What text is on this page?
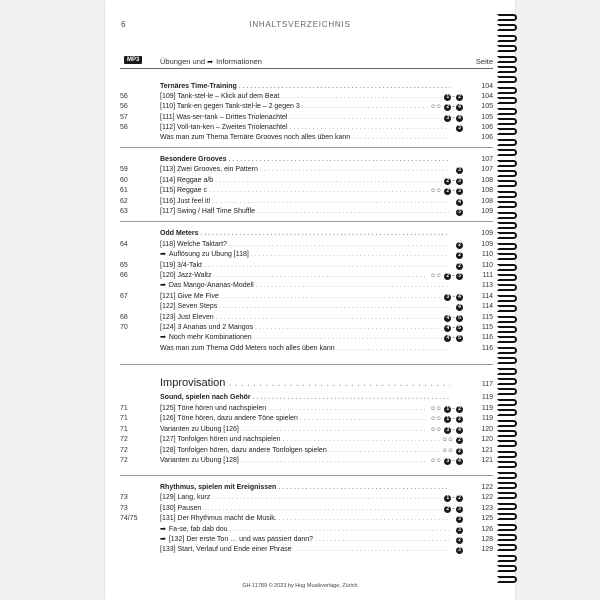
6	INHALTSVERZEICHNIS
MP3	Übungen und ➡ Informationen	Seite
Ternäres Time-Training . . .	104
56	[109] Tank-stel-le – Klick auf dem Beat . . .	1 – 2	104
56	[110] Tank-en gegen Tank-stel-le – 2 gegen 3 . . .	☺☺	2 – 4	105
57	[111] Was-ser-tank – Drittes Triolenachtel . . .	3 – 4	105
58	[112] Voll-tan-ken – Zweites Triolenachtel . . .	3	106
Was man zum Thema Ternäre Grooves noch alles üben kann . . .	106
Besondere Grooves . . .	107
59	[113] Zwei Grooves, ein Pattern . . .	3	107
60	[114] Reggae a/b . . .	2 – 3	108
61	[115] Reggae c . . .	☺☺	2 – 3	108
62	[116] Just feel it! . . .	4	108
63	[117] Swing / Half Time Shuffle . . .	3	109
Odd Meters . . .	109
64	[118] Welche Taktart? . . .	2	109
➡ Auflösung zu Übung [118] . . .	2	110
65	[119] 3/4-Takt . . .	2	110
66	[120] Jazz-Waltz . . .	☺☺	2 – 3	111
➡ Das Mango-Ananas-Modell . . .	113
67	[121] Give Me Five . . .	3 – 4	114
[122] Seven Steps . . .	4	114
68	[123] Just Eleven . . .	4 – 5	115
70	[124] 3 Ananas und 2 Mangos . . .	4 – 5	115
➡ Noch mehr Kombinationen . . .	4 – 5	116
Was man zum Thema Odd Meters noch alles üben kann . . .	116
Improvisation . . .	117
Sound, spielen nach Gehör . . .	119
71	[125] Töne hören und nachspielen . . .	☺☺	1 – 2	119
71	[126] Töne hören, dazu andere Töne spielen . . .	☺☺	1 – 2	119
71	Varianten zu Übung [126] . . .	☺☺	3 – 4	120
72	[127] Tonfolgen hören und nachspielen . . .	☺☺	2	120
72	[128] Tonfolgen hören, dazu andere Tonfolgen spielen . . .	☺☺	2	121
72	Varianten zu Übung [128] . . .	☺☺	3 – 4	121
Rhythmus, spielen mit Ereignissen . . .	122
73	[129] Lang, kurz . . .	1 – 2	122
73	[130] Pausen . . .	2 – 3	123
74/75	[131] Der Rhythmus macht die Musik. . . .	3	125
➡ Fa-se, fab dab dou . . .	3	126
➡ [132] Der erste Ton … und was passiert dann? . . .	2	128
[133] Start, Verlauf und Ende einer Phrase . . .	3	129
GH 11789 © 2023 by Hug Musikverlage, Zürich
